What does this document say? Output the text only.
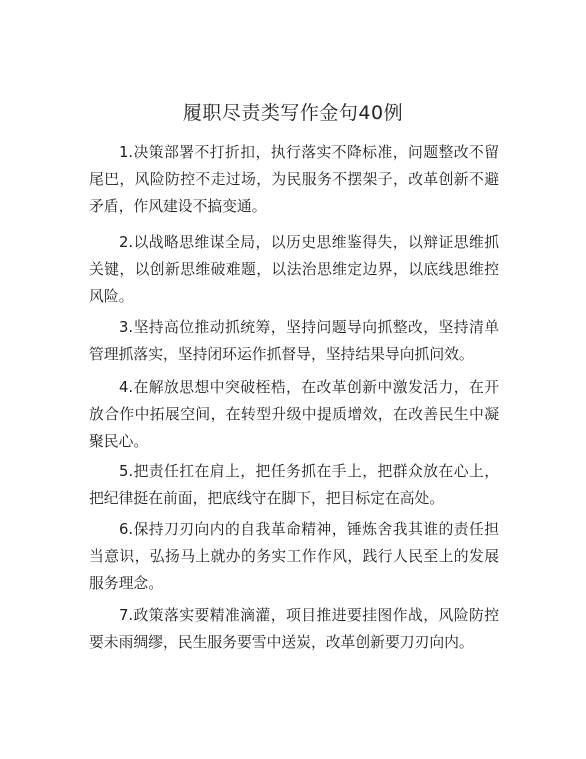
履职尽责类写作金句40例

1.决策部署不打折扣，执行落实不降标准，问题整改不留尾巴，风险防控不走过场，为民服务不摆架子，改革创新不避矛盾，作风建设不搞变通。

2.以战略思维谋全局，以历史思维鉴得失，以辩证思维抓关键，以创新思维破难题，以法治思维定边界，以底线思维控风险。

3.坚持高位推动抓统筹，坚持问题导向抓整改，坚持清单管理抓落实，坚持闭环运作抓督导，坚持结果导向抓问效。

4.在解放思想中突破桎梏，在改革创新中激发活力，在开放合作中拓展空间，在转型升级中提质增效，在改善民生中凝聚民心。

5.把责任扛在肩上，把任务抓在手上，把群众放在心上，把纪律挺在前面，把底线守在脚下，把目标定在高处。

6.保持刀刃向内的自我革命精神，锤炼舍我其谁的责任担当意识，弘扬马上就办的务实工作作风，践行人民至上的发展服务理念。

7.政策落实要精准滴灌，项目推进要挂图作战，风险防控要未雨绸缪，民生服务要雪中送炭，改革创新要刀刃向内。
